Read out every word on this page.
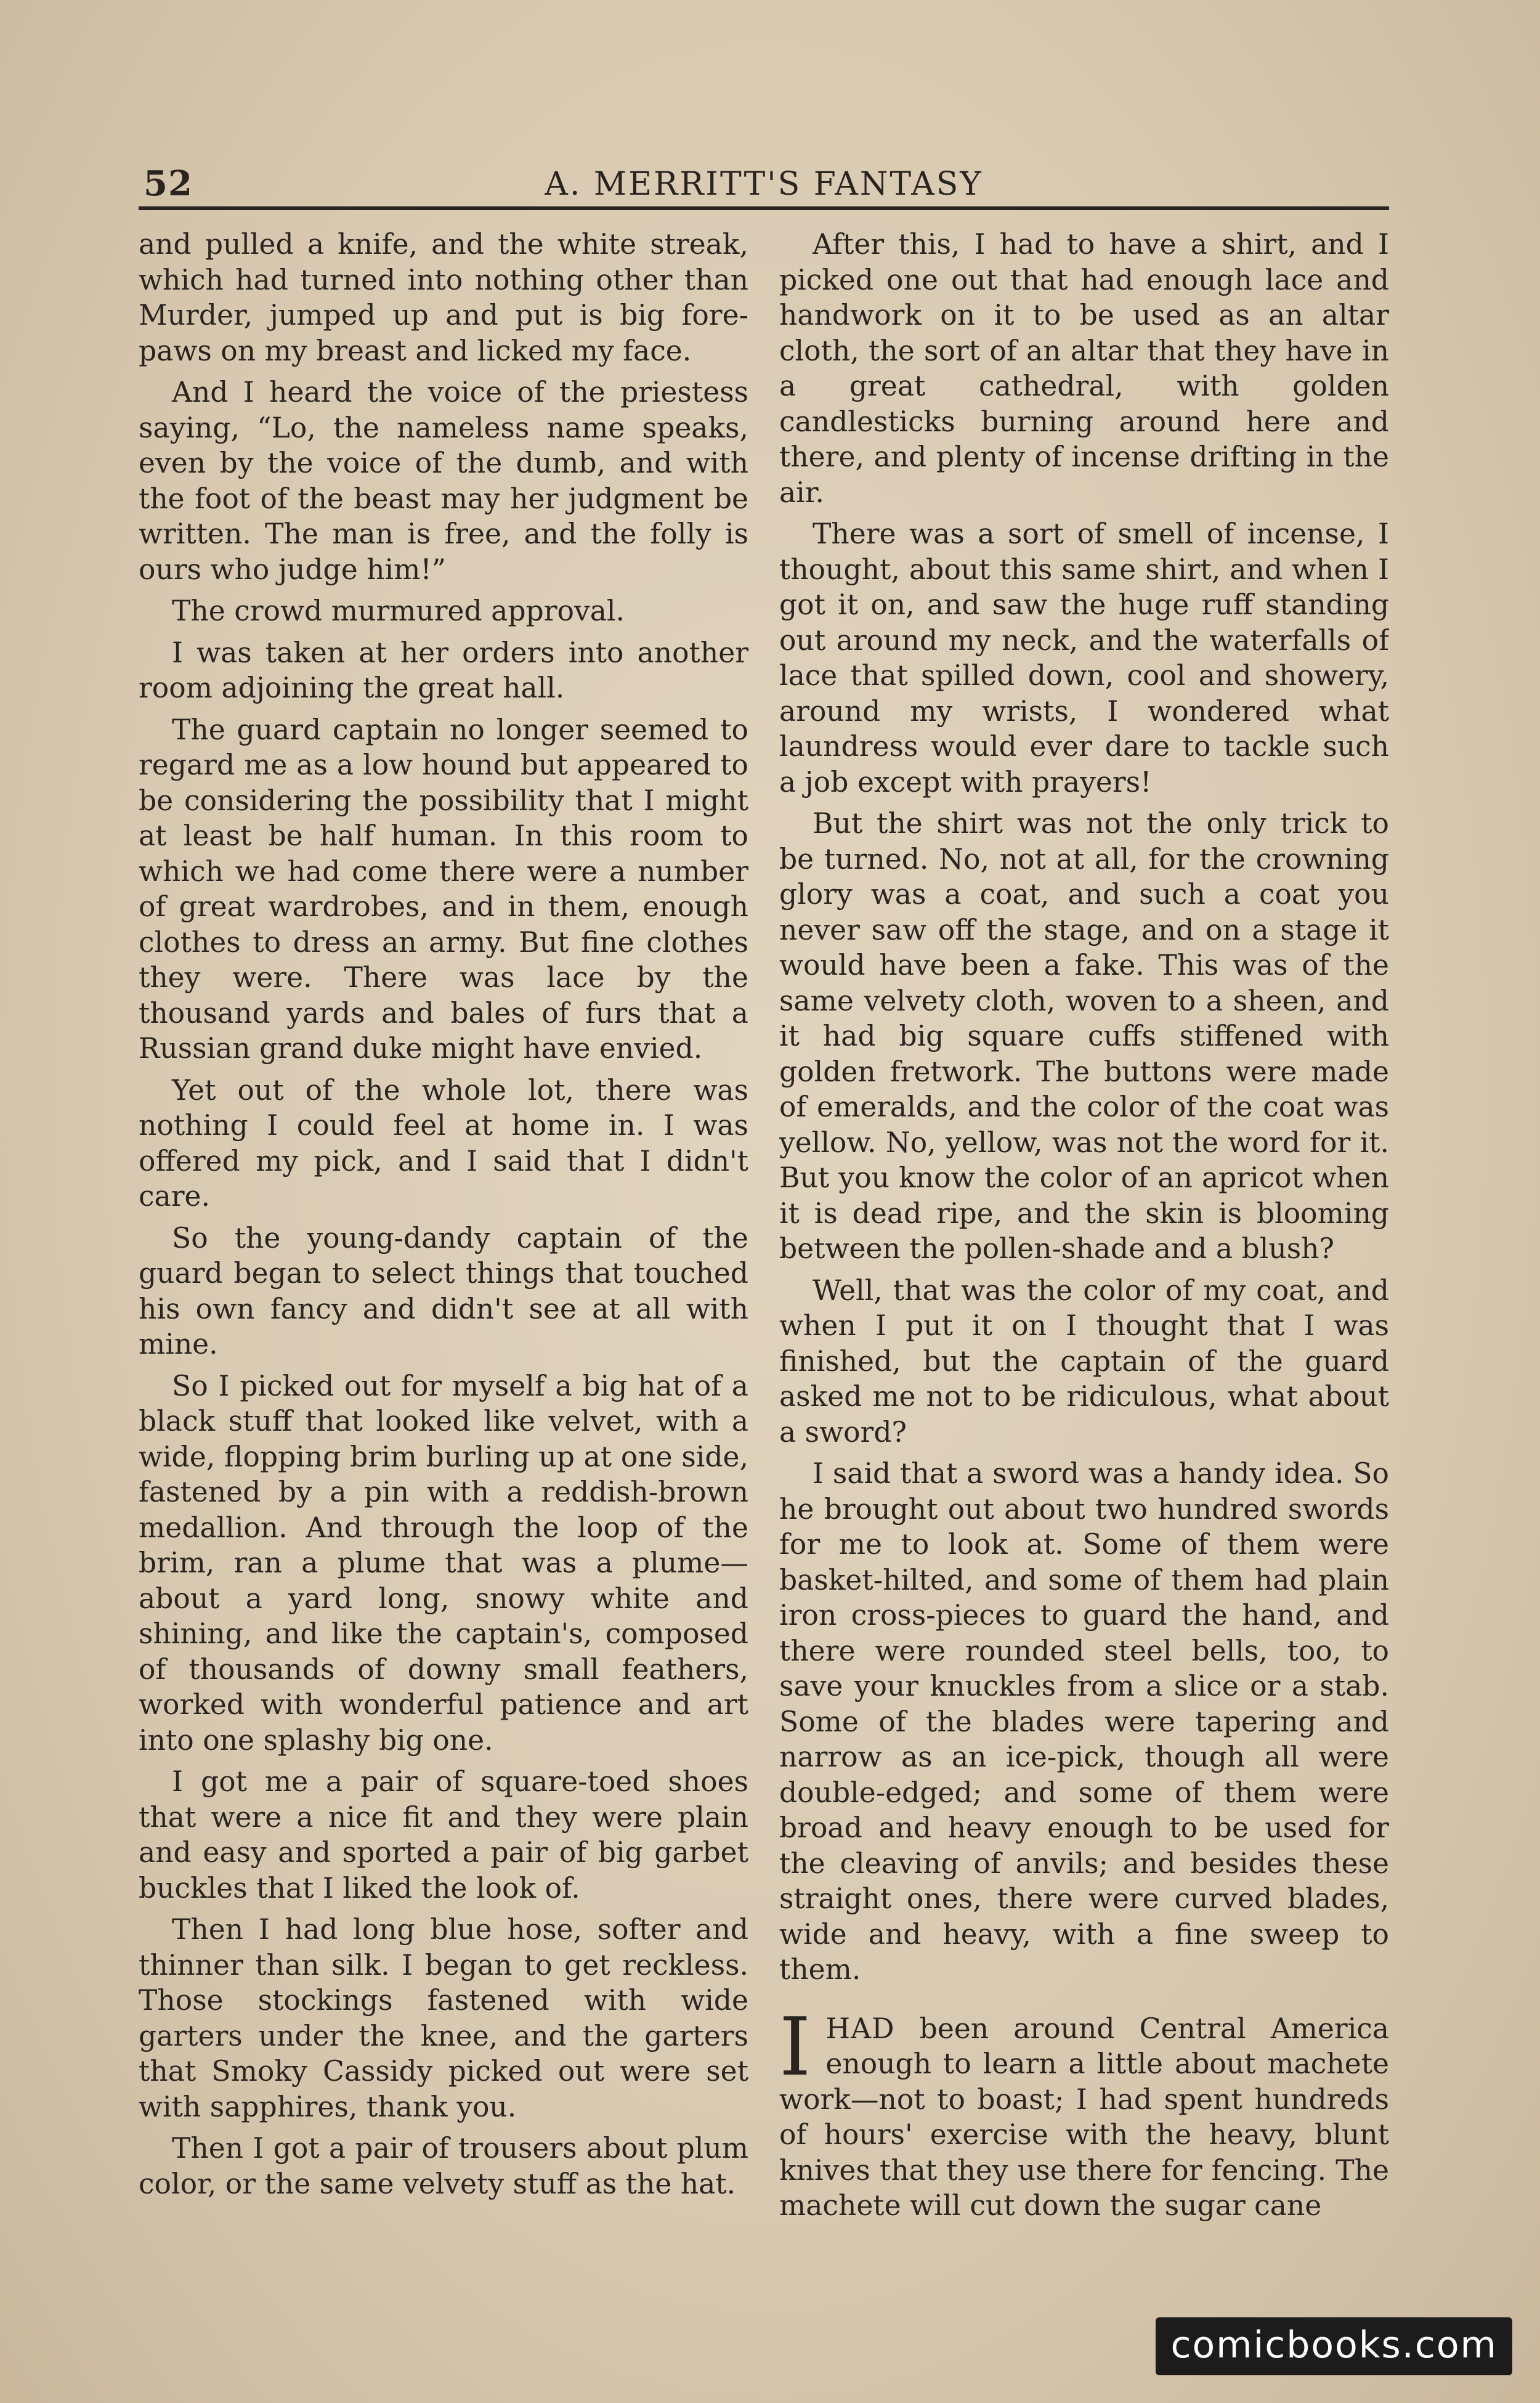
52	A. MERRITT'S FANTASY

and pulled a knife, and the white streak, which had turned into nothing other than Murder, jumped up and put is big fore-paws on my breast and licked my face.

And I heard the voice of the priestess saying, “Lo, the nameless name speaks, even by the voice of the dumb, and with the foot of the beast may her judgment be written. The man is free, and the folly is ours who judge him!”

The crowd murmured approval.

I was taken at her orders into another room adjoining the great hall.

The guard captain no longer seemed to regard me as a low hound but appeared to be considering the possibility that I might at least be half human. In this room to which we had come there were a number of great wardrobes, and in them, enough clothes to dress an army. But fine clothes they were. There was lace by the thousand yards and bales of furs that a Russian grand duke might have envied.

Yet out of the whole lot, there was nothing I could feel at home in. I was offered my pick, and I said that I didn't care.

So the young-dandy captain of the guard began to select things that touched his own fancy and didn't see at all with mine.

So I picked out for myself a big hat of a black stuff that looked like velvet, with a wide, flopping brim burling up at one side, fastened by a pin with a reddish-brown medallion. And through the loop of the brim, ran a plume that was a plume—about a yard long, snowy white and shining, and like the captain's, composed of thousands of downy small feathers, worked with wonderful patience and art into one splashy big one.

I got me a pair of square-toed shoes that were a nice fit and they were plain and easy and sported a pair of big garbet buckles that I liked the look of.

Then I had long blue hose, softer and thinner than silk. I began to get reckless. Those stockings fastened with wide garters under the knee, and the garters that Smoky Cassidy picked out were set with sapphires, thank you.

Then I got a pair of trousers about plum color, or the same velvety stuff as the hat.

After this, I had to have a shirt, and I picked one out that had enough lace and handwork on it to be used as an altar cloth, the sort of an altar that they have in a great cathedral, with golden candlesticks burning around here and there, and plenty of incense drifting in the air.

There was a sort of smell of incense, I thought, about this same shirt, and when I got it on, and saw the huge ruff standing out around my neck, and the waterfalls of lace that spilled down, cool and showery, around my wrists, I wondered what laundress would ever dare to tackle such a job except with prayers!

But the shirt was not the only trick to be turned. No, not at all, for the crowning glory was a coat, and such a coat you never saw off the stage, and on a stage it would have been a fake. This was of the same velvety cloth, woven to a sheen, and it had big square cuffs stiffened with golden fretwork. The buttons were made of emeralds, and the color of the coat was yellow. No, yellow, was not the word for it. But you know the color of an apricot when it is dead ripe, and the skin is blooming between the pollen-shade and a blush?

Well, that was the color of my coat, and when I put it on I thought that I was finished, but the captain of the guard asked me not to be ridiculous, what about a sword?

I said that a sword was a handy idea. So he brought out about two hundred swords for me to look at. Some of them were basket-hilted, and some of them had plain iron cross-pieces to guard the hand, and there were rounded steel bells, too, to save your knuckles from a slice or a stab. Some of the blades were tapering and narrow as an ice-pick, though all were double-edged; and some of them were broad and heavy enough to be used for the cleaving of anvils; and besides these straight ones, there were curved blades, wide and heavy, with a fine sweep to them.

IHAD been around Central America enough to learn a little about machete work—not to boast; I had spent hundreds of hours' exercise with the heavy, blunt knives that they use there for fencing. The machete will cut down the sugar cane

comicbooks.com
